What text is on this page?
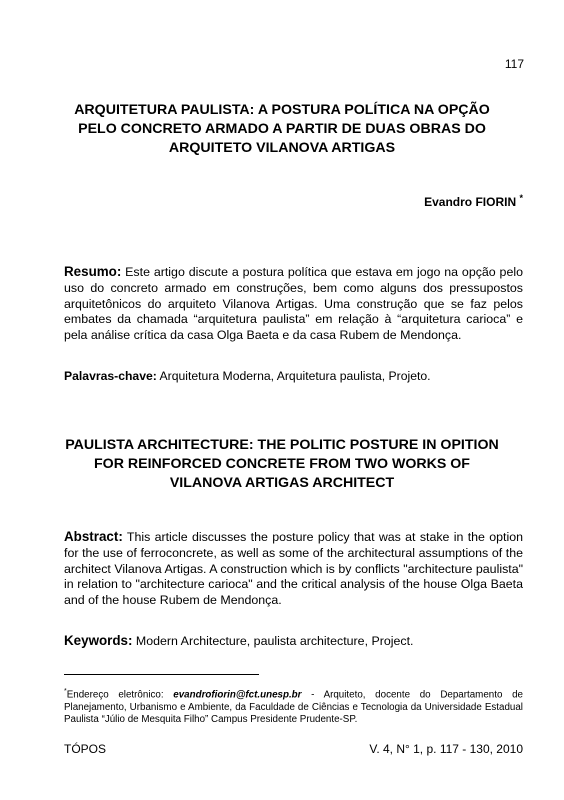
117
ARQUITETURA PAULISTA: A POSTURA POLÍTICA NA OPÇÃO PELO CONCRETO ARMADO A PARTIR DE DUAS OBRAS DO ARQUITETO VILANOVA ARTIGAS
Evandro FIORIN *

Resumo: Este artigo discute a postura política que estava em jogo na opção pelo uso do concreto armado em construções, bem como alguns dos pressupostos arquitetônicos do arquiteto Vilanova Artigas. Uma construção que se faz pelos embates da chamada “arquitetura paulista” em relação à “arquitetura carioca” e pela análise crítica da casa Olga Baeta e da casa Rubem de Mendonça.

Palavras-chave: Arquitetura Moderna, Arquitetura paulista, Projeto.

PAULISTA ARCHITECTURE: THE POLITIC POSTURE IN OPITION FOR REINFORCED CONCRETE FROM TWO WORKS OF VILANOVA ARTIGAS ARCHITECT

Abstract: This article discusses the posture policy that was at stake in the option for the use of ferroconcrete, as well as some of the architectural assumptions of the architect Vilanova Artigas. A construction which is by conflicts "architecture paulista" in relation to "architecture carioca" and the critical analysis of the house Olga Baeta and of the house Rubem de Mendonça.

Keywords: Modern Architecture, paulista architecture, Project.

*Endereço eletrônico: evandrofiorin@fct.unesp.br - Arquiteto, docente do Departamento de Planejamento, Urbanismo e Ambiente, da Faculdade de Ciências e Tecnologia da Universidade Estadual Paulista “Júlio de Mesquita Filho” Campus Presidente Prudente-SP.

TÓPOS	V. 4, N° 1, p. 117 - 130, 2010
